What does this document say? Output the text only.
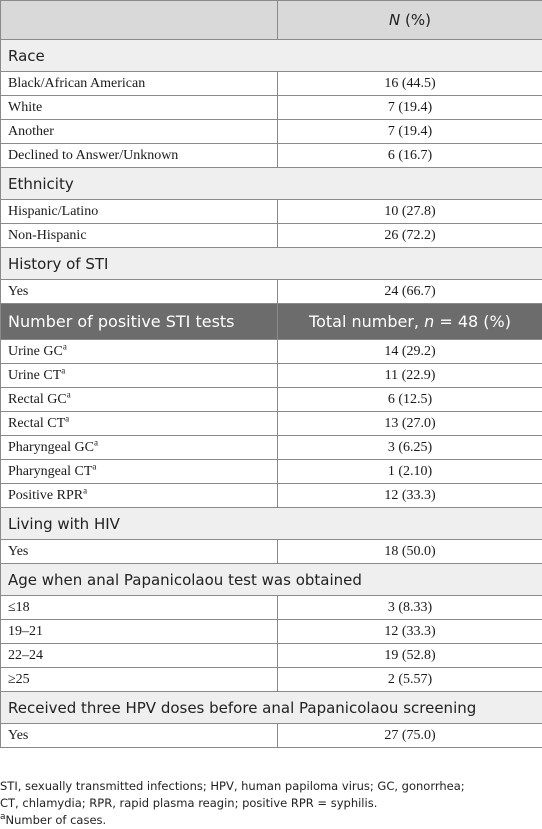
	N (%)
Race	
Black/African American	16 (44.5)
White	7 (19.4)
Another	7 (19.4)
Declined to Answer/Unknown	6 (16.7)
Ethnicity	
Hispanic/Latino	10 (27.8)
Non-Hispanic	26 (72.2)
History of STI	
Yes	24 (66.7)
Number of positive STI tests	Total number, n = 48 (%)
Urine $GC^a$	14 (29.2)
Urine $CT^a$	11 (22.9)
Rectal $GC^a$	6 (12.5)
Rectal $CT^a$	13 (27.0)
Pharyngeal $GC^a$	3 (6.25)
Pharyngeal $CT^a$	1 (2.10)
Positive RPR$^a$	12 (33.3)
Living with HIV	
Yes	18 (50.0)
Age when anal Papanicolaou test was obtained	
≤18	3 (8.33)
19–21	12 (33.3)
22–24	19 (52.8)
≥25	2 (5.57)
Received three HPV doses before anal Papanicolaou screening	
Yes	27 (75.0)

STI, sexually transmitted infections; HPV, human papiloma virus; GC, gonorrhea;

CT, chlamydia; RPR, rapid plasma reagin; positive RPR = syphilis.

$^a$Number of cases.
